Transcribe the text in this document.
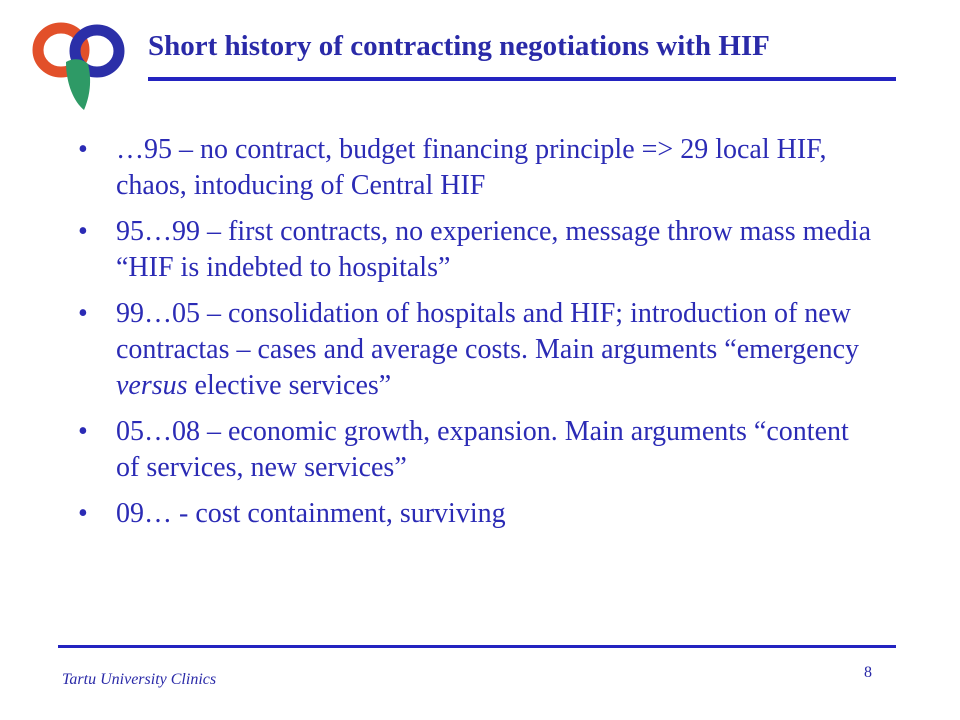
Short history of contracting negotiations with HIF
•	…95 – no contract, budget financing principle => 29 local HIF, chaos, intoducing of Central HIF
•	95…99 – first contracts, no experience, message throw mass media “HIF is indebted to hospitals”
•	99…05 – consolidation of hospitals and HIF; introduction of new contractas – cases and average costs. Main arguments “emergency versus elective services”
•	05…08 – economic growth, expansion. Main arguments “content of services, new services”
•	09… - cost containment, surviving
Tartu University Clinics	8
